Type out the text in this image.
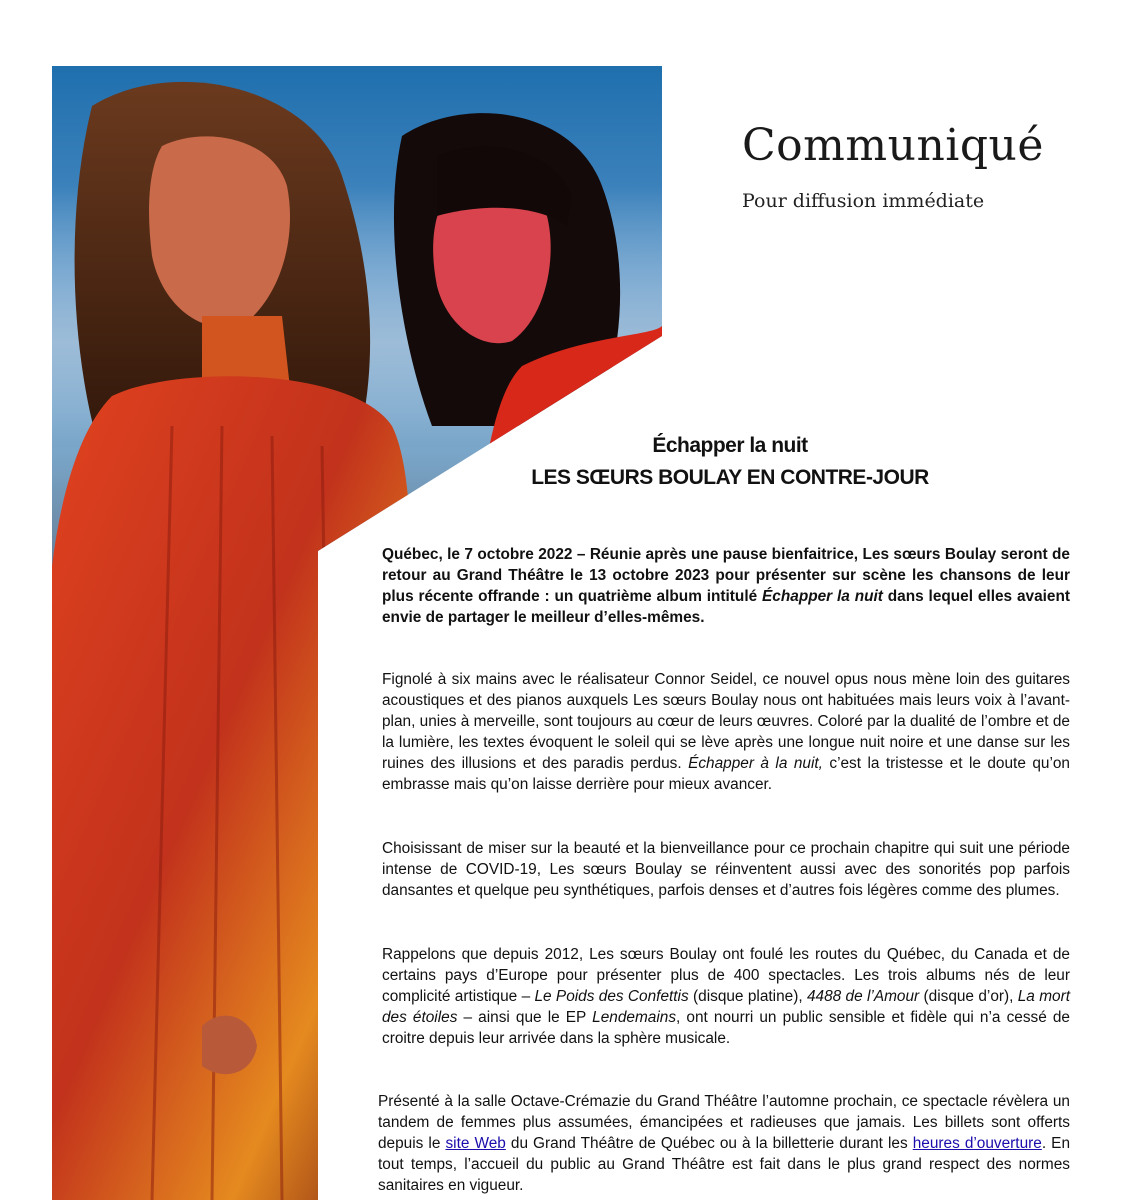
Communiqué
Pour diffusion immédiate
Échapper la nuit
LES SŒURS BOULAY EN CONTRE-JOUR

Québec, le 7 octobre 2022 – Réunie après une pause bienfaitrice, Les sœurs Boulay seront de retour au Grand Théâtre le 13 octobre 2023 pour présenter sur scène les chansons de leur plus récente offrande : un quatrième album intitulé Échapper la nuit dans lequel elles avaient envie de partager le meilleur d’elles-mêmes.

Fignolé à six mains avec le réalisateur Connor Seidel, ce nouvel opus nous mène loin des guitares acoustiques et des pianos auxquels Les sœurs Boulay nous ont habituées mais leurs voix à l’avant-plan, unies à merveille, sont toujours au cœur de leurs œuvres. Coloré par la dualité de l’ombre et de la lumière, les textes évoquent le soleil qui se lève après une longue nuit noire et une danse sur les ruines des illusions et des paradis perdus. Échapper à la nuit, c’est la tristesse et le doute qu’on embrasse mais qu’on laisse derrière pour mieux avancer.

Choisissant de miser sur la beauté et la bienveillance pour ce prochain chapitre qui suit une période intense de COVID-19, Les sœurs Boulay se réinventent aussi avec des sonorités pop parfois dansantes et quelque peu synthétiques, parfois denses et d’autres fois légères comme des plumes.

Rappelons que depuis 2012, Les sœurs Boulay ont foulé les routes du Québec, du Canada et de certains pays d’Europe pour présenter plus de 400 spectacles. Les trois albums nés de leur complicité artistique – Le Poids des Confettis (disque platine), 4488 de l’Amour (disque d’or), La mort des étoiles – ainsi que le EP Lendemains, ont nourri un public sensible et fidèle qui n’a cessé de croitre depuis leur arrivée dans la sphère musicale.

Présenté à la salle Octave-Crémazie du Grand Théâtre l’automne prochain, ce spectacle révèlera un tandem de femmes plus assumées, émancipées et radieuses que jamais. Les billets sont offerts depuis le site Web du Grand Théâtre de Québec ou à la billetterie durant les heures d’ouverture. En tout temps, l’accueil du public au Grand Théâtre est fait dans le plus grand respect des normes sanitaires en vigueur.
